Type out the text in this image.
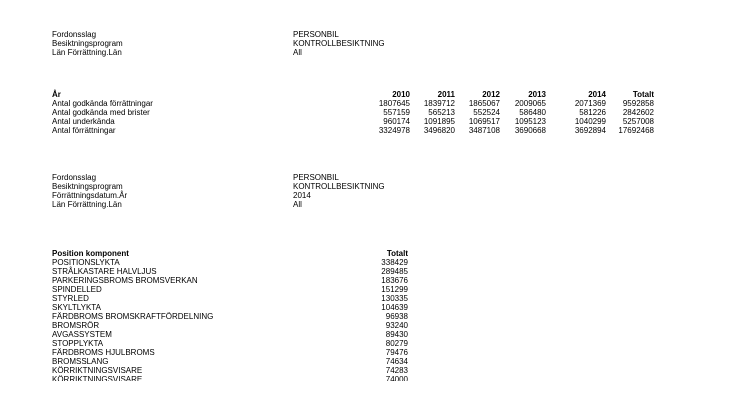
Fordonsslag	PERSONBIL
Besiktningsprogram	KONTROLLBESIKTNING
Län Förrättning.Län	All
År	2010	2011	2012	2013	2014	Totalt
Antal godkända förrättningar	1807645 1839712 1865067 2009065	2071369 9592858
Antal godkända med brister	557159 565213 552524 586480	581226 2842602
Antal underkända	960174 1091895 1069517 1095123	1040299 5257008
Antal förrättningar	3324978 3496820 3487108 3690668	3692894 17692468
Fordonsslag	PERSONBIL
Besiktningsprogram	KONTROLLBESIKTNING
Förrättningsdatum.År	2014
Län Förrättning.Län	All
Position komponent	Totalt
POSITIONSLYKTA	338429
STRÅLKASTARE HALVLJUS	289485
PARKERINGSBROMS BROMSVERKAN	183676
SPINDELLED	151299
STYRLED	130335
SKYLTLYKTA	104639
FÄRDBROMS BROMSKRAFTFÖRDELNING	96938
BROMSRÖR	93240
AVGASSYSTEM	89430
STOPPLYKTA	80279
FÄRDBROMS HJULBROMS	79476
BROMSSLANG	74634
KÖRRIKTNINGSVISARE	74283
KÖRRIKTNINGSVISARE	74000
